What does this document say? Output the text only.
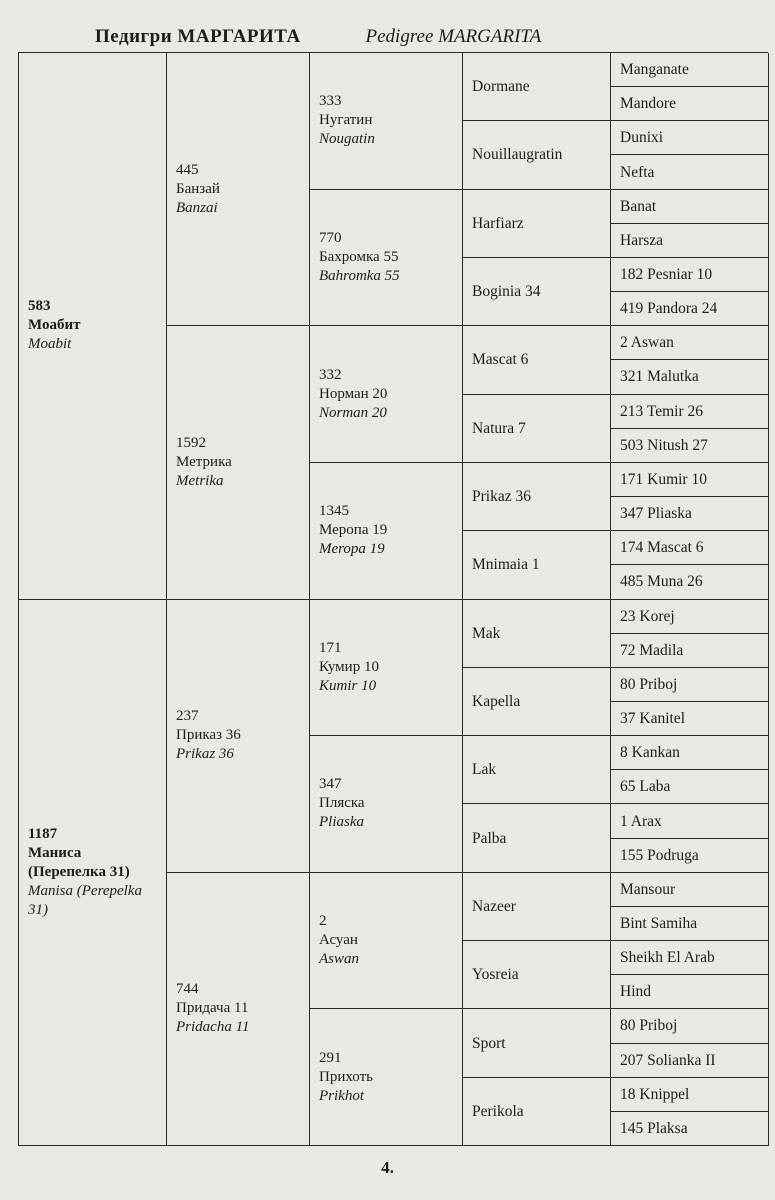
Педигри МАРГАРИТА	Pedigree MARGARITA
583
Моабит
Moabit
1187
Маниса (Перепелка 31)
Manisa (Perepelka 31)
445
Банзай
Banzai
1592
Метрика
Metrika
237
Приказ 36
Prikaz 36
744
Придача 11
Pridacha 11
333
Нугатин
Nougatin
770
Бахромка 55
Bahromka 55
332
Норман 20
Norman 20
1345
Меропа 19
Meropa 19
171
Кумир 10
Kumir 10
347
Пляска
Pliaska
2
Асуан
Aswan
291
Прихоть
Prikhot
Dormane
Nouillaugratin
Harfiarz
Boginia 34
Mascat 6
Natura 7
Prikaz 36
Mnimaia 1
Mak
Kapella
Lak
Palba
Nazeer
Yosreia
Sport
Perikola
Manganate
Mandore
Dunixi
Nefta
Banat
Harsza
182 Pesniar 10
419 Pandora 24
2 Aswan
321 Malutka
213 Temir 26
503 Nitush 27
171 Kumir 10
347 Pliaska
174 Mascat 6
485 Muna 26
23 Korej
72 Madila
80 Priboj
37 Kanitel
8 Kankan
65 Laba
1 Arax
155 Podruga
Mansour
Bint Samiha
Sheikh El Arab
Hind
80 Priboj
207 Solianka II
18 Knippel
145 Plaksa
4.
